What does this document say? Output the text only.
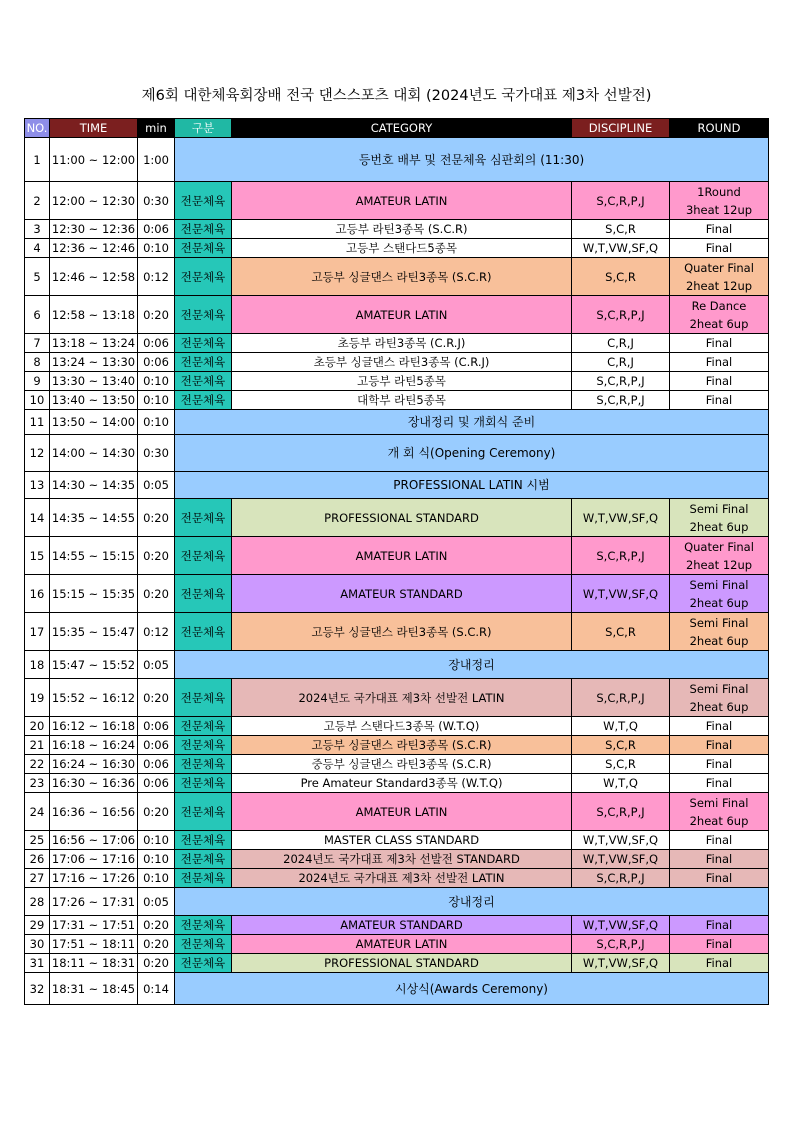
제6회 대한체육회장배 전국 댄스스포츠 대회 (2024년도 국가대표 제3차 선발전)
NO.	TIME	min	구분	CATEGORY	DISCIPLINE	ROUND
1	11:00 ~ 12:00	1:00	등번호 배부 및 전문체육 심판회의 (11:30)			
2	12:00 ~ 12:30	0:30	전문체육	AMATEUR LATIN	S,C,R,P,J	1Round
3heat 12up

3	12:30 ~ 12:36	0:06	전문체육	고등부 라틴3종목 (S.C.R)	S,C,R	Final

4	12:36 ~ 12:46	0:10	전문체육	고등부 스탠다드5종목	W,T,VW,SF,Q	Final

5	12:46 ~ 12:58	0:12	전문체육	고등부 싱글댄스 라틴3종목 (S.C.R)	S,C,R	Quater Final
2heat 12up

6	12:58 ~ 13:18	0:20	전문체육	AMATEUR LATIN	S,C,R,P,J	Re Dance
2heat 6up

7	13:18 ~ 13:24	0:06	전문체육	초등부 라틴3종목 (C.R.J)	C,R,J	Final

8	13:24 ~ 13:30	0:06	전문체육	초등부 싱글댄스 라틴3종목 (C.R.J)	C,R,J	Final

9	13:30 ~ 13:40	0:10	전문체육	고등부 라틴5종목	S,C,R,P,J	Final

10	13:40 ~ 13:50	0:10	전문체육	대학부 라틴5종목	S,C,R,P,J	Final

11	13:50 ~ 14:00	0:10	장내정리 및 개회식 준비			
12	14:00 ~ 14:30	0:30	개 회 식(Opening Ceremony)			
13	14:30 ~ 14:35	0:05	PROFESSIONAL LATIN 시범			
14	14:35 ~ 14:55	0:20	전문체육	PROFESSIONAL STANDARD	W,T,VW,SF,Q	Semi Final
2heat 6up

15	14:55 ~ 15:15	0:20	전문체육	AMATEUR LATIN	S,C,R,P,J	Quater Final
2heat 12up

16	15:15 ~ 15:35	0:20	전문체육	AMATEUR STANDARD	W,T,VW,SF,Q	Semi Final
2heat 6up

17	15:35 ~ 15:47	0:12	전문체육	고등부 싱글댄스 라틴3종목 (S.C.R)	S,C,R	Semi Final
2heat 6up

18	15:47 ~ 15:52	0:05	장내정리			
19	15:52 ~ 16:12	0:20	전문체육	2024년도 국가대표 제3차 선발전 LATIN	S,C,R,P,J	Semi Final
2heat 6up

20	16:12 ~ 16:18	0:06	전문체육	고등부 스탠다드3종목 (W.T.Q)	W,T,Q	Final

21	16:18 ~ 16:24	0:06	전문체육	고등부 싱글댄스 라틴3종목 (S.C.R)	S,C,R	Final

22	16:24 ~ 16:30	0:06	전문체육	중등부 싱글댄스 라틴3종목 (S.C.R)	S,C,R	Final

23	16:30 ~ 16:36	0:06	전문체육	Pre Amateur Standard3종목 (W.T.Q)	W,T,Q	Final

24	16:36 ~ 16:56	0:20	전문체육	AMATEUR LATIN	S,C,R,P,J	Semi Final
2heat 6up

25	16:56 ~ 17:06	0:10	전문체육	MASTER CLASS STANDARD	W,T,VW,SF,Q	Final

26	17:06 ~ 17:16	0:10	전문체육	2024년도 국가대표 제3차 선발전 STANDARD	W,T,VW,SF,Q	Final

27	17:16 ~ 17:26	0:10	전문체육	2024년도 국가대표 제3차 선발전 LATIN	S,C,R,P,J	Final

28	17:26 ~ 17:31	0:05	장내정리			
29	17:31 ~ 17:51	0:20	전문체육	AMATEUR STANDARD	W,T,VW,SF,Q	Final

30	17:51 ~ 18:11	0:20	전문체육	AMATEUR LATIN	S,C,R,P,J	Final

31	18:11 ~ 18:31	0:20	전문체육	PROFESSIONAL STANDARD	W,T,VW,SF,Q	Final

32	18:31 ~ 18:45	0:14	시상식(Awards Ceremony)			
